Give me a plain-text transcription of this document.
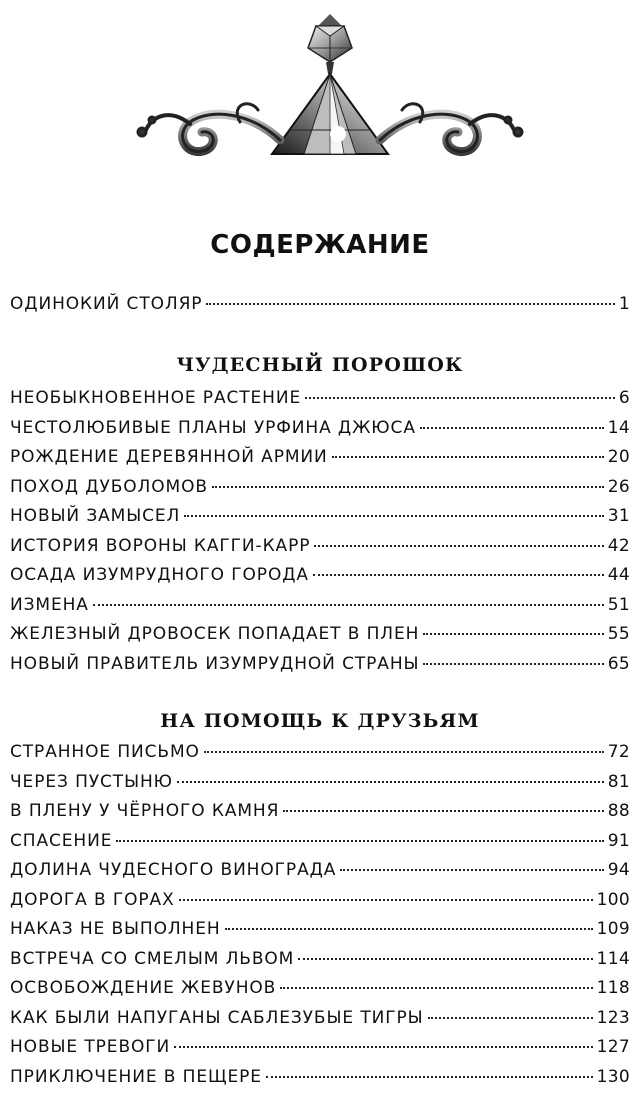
СОДЕРЖАНИЕ
ОДИНОКИЙ СТОЛЯР	1
ЧУДЕСНЫЙ ПОРОШОК
НЕОБЫКНОВЕННОЕ РАСТЕНИЕ	6
ЧЕСТОЛЮБИВЫЕ ПЛАНЫ УРФИНА ДЖЮСА	14
РОЖДЕНИЕ ДЕРЕВЯННОЙ АРМИИ	20
ПОХОД ДУБОЛОМОВ	26
НОВЫЙ ЗАМЫСЕЛ	31
ИСТОРИЯ ВОРОНЫ КАГГИ-КАРР	42
ОСАДА ИЗУМРУДНОГО ГОРОДА	44
ИЗМЕНА	51
ЖЕЛЕЗНЫЙ ДРОВОСЕК ПОПАДАЕТ В ПЛЕН	55
НОВЫЙ ПРАВИТЕЛЬ ИЗУМРУДНОЙ СТРАНЫ	65
НА ПОМОЩЬ К ДРУЗЬЯМ
СТРАННОЕ ПИСЬМО	72
ЧЕРЕЗ ПУСТЫНЮ	81
В ПЛЕНУ У ЧЁРНОГО КАМНЯ	88
СПАСЕНИЕ	91
ДОЛИНА ЧУДЕСНОГО ВИНОГРАДА	94
ДОРОГА В ГОРАХ	100
НАКАЗ НЕ ВЫПОЛНЕН	109
ВСТРЕЧА СО СМЕЛЫМ ЛЬВОМ	114
ОСВОБОЖДЕНИЕ ЖЕВУНОВ	118
КАК БЫЛИ НАПУГАНЫ САБЛЕЗУБЫЕ ТИГРЫ	123
НОВЫЕ ТРЕВОГИ	127
ПРИКЛЮЧЕНИЕ В ПЕЩЕРЕ	130
